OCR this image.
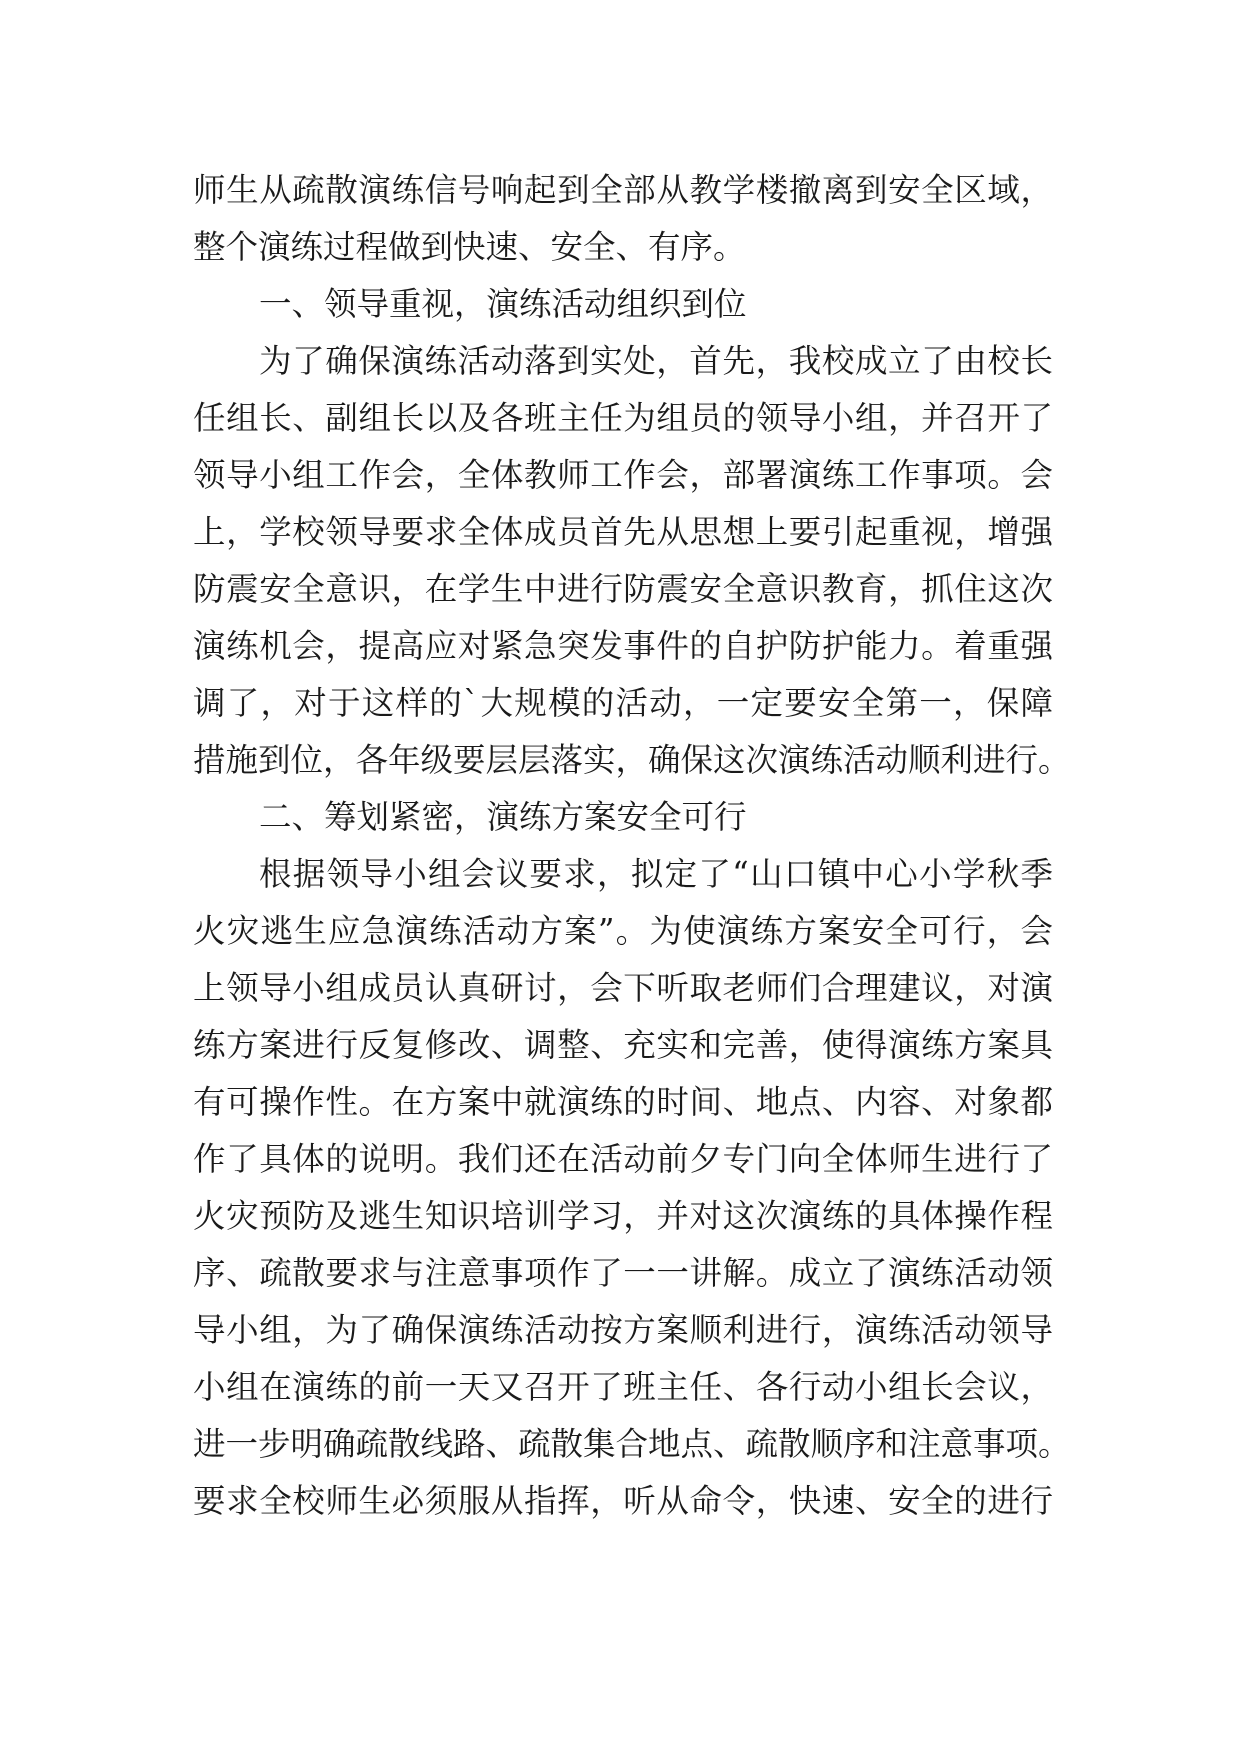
师生从疏散演练信号响起到全部从教学楼撤离到安全区域，
整个演练过程做到快速、安全、有序。
一、领导重视，演练活动组织到位
为了确保演练活动落到实处，首先，我校成立了由校长
任组长、副组长以及各班主任为组员的领导小组，并召开了
领导小组工作会，全体教师工作会，部署演练工作事项。会
上，学校领导要求全体成员首先从思想上要引起重视，增强
防震安全意识，在学生中进行防震安全意识教育，抓住这次
演练机会，提高应对紧急突发事件的自护防护能力。着重强
调了，对于这样的`大规模的活动，一定要安全第一，保障
措施到位，各年级要层层落实，确保这次演练活动顺利进行。
二、筹划紧密，演练方案安全可行
根据领导小组会议要求，拟定了“山口镇中心小学秋季
火灾逃生应急演练活动方案”。为使演练方案安全可行，会
上领导小组成员认真研讨，会下听取老师们合理建议，对演
练方案进行反复修改、调整、充实和完善，使得演练方案具
有可操作性。在方案中就演练的时间、地点、内容、对象都
作了具体的说明。我们还在活动前夕专门向全体师生进行了
火灾预防及逃生知识培训学习，并对这次演练的具体操作程
序、疏散要求与注意事项作了一一讲解。成立了演练活动领
导小组，为了确保演练活动按方案顺利进行，演练活动领导
小组在演练的前一天又召开了班主任、各行动小组长会议，
进一步明确疏散线路、疏散集合地点、疏散顺序和注意事项。
要求全校师生必须服从指挥，听从命令，快速、安全的进行
